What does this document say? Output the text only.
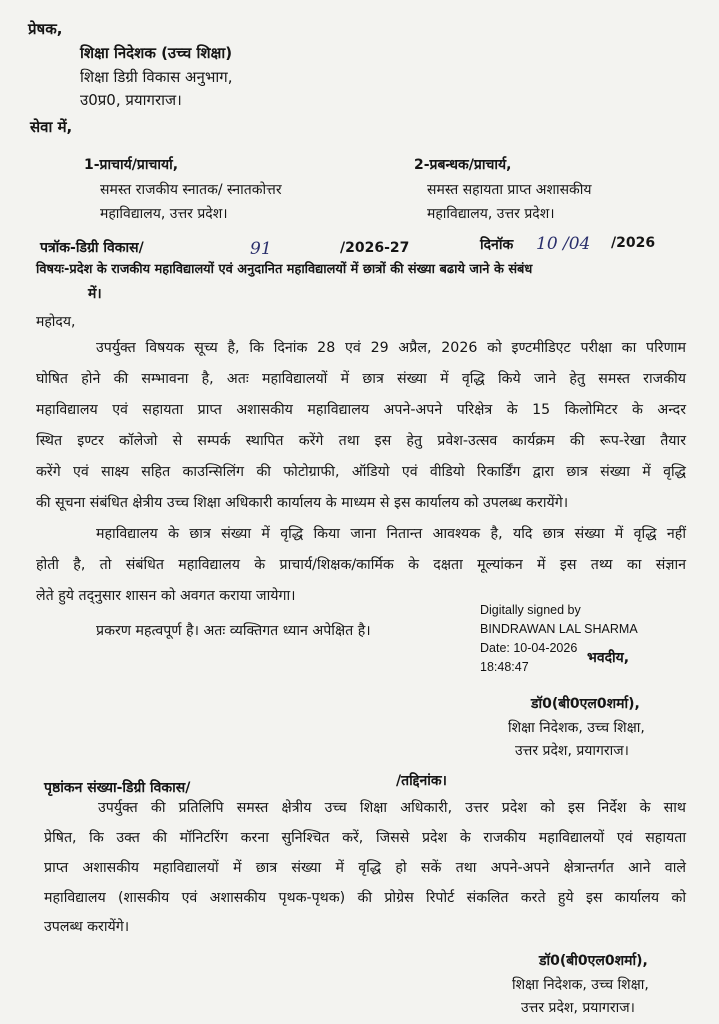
प्रेषक,
शिक्षा निदेशक (उच्च शिक्षा)
शिक्षा डिग्री विकास अनुभाग,
उ0प्र0, प्रयागराज।
सेवा में,
1-प्राचार्य/प्राचार्या,
समस्त राजकीय स्नातक/ स्नातकोत्तर
महाविद्यालय, उत्तर प्रदेश।
2-प्रबन्धक/प्राचार्य,
समस्त सहायता प्राप्त अशासकीय
महाविद्यालय, उत्तर प्रदेश।
पत्रॉक-डिग्री विकास/	91	/2026-27	दिनॉक 10 /04 /2026
विषयः-प्रदेश के राजकीय महाविद्यालयों एवं अनुदानित महाविद्यालयों में छात्रों की संख्या बढाये जाने के संबंध
में।
महोदय,
उपर्युक्त विषयक सूच्य है, कि दिनांक 28 एवं 29 अप्रैल, 2026 को इण्टमीडिएट परीक्षा का परिणाम
घोषित होने की सम्भावना है, अतः महाविद्यालयों में छात्र संख्या में वृद्धि किये जाने हेतु समस्त राजकीय
महाविद्यालय एवं सहायता प्राप्त अशासकीय महाविद्यालय अपने-अपने परिक्षेत्र के 15 किलोमिटर के अन्दर
स्थित इण्टर कॉलेजो से सम्पर्क स्थापित करेंगे तथा इस हेतु प्रवेश-उत्सव कार्यक्रम की रूप-रेखा तैयार
करेंगे एवं साक्ष्य सहित काउन्सिलिंग की फोटोग्राफी, ऑडियो एवं वीडियो रिकार्डिंग द्वारा छात्र संख्या में वृद्धि
की सूचना संबंधित क्षेत्रीय उच्च शिक्षा अधिकारी कार्यालय के माध्यम से इस कार्यालय को उपलब्ध करायेंगे।
महाविद्यालय के छात्र संख्या में वृद्धि किया जाना नितान्त आवश्यक है, यदि छात्र संख्या में वृद्धि नहीं
होती है, तो संबंधित महाविद्यालय के प्राचार्य/शिक्षक/कार्मिक के दक्षता मूल्यांकन में इस तथ्य का संज्ञान
लेते हुये तद्नुसार शासन को अवगत कराया जायेगा।
प्रकरण महत्वपूर्ण है। अतः व्यक्तिगत ध्यान अपेक्षित है।
Digitally signed by
BINDRAWAN LAL SHARMA
Date: 10-04-2026
18:48:47
भवदीय,
डॉ0(बी0एल0शर्मा),
शिक्षा निदेशक, उच्च शिक्षा,
उत्तर प्रदेश, प्रयागराज।
पृष्ठांकन संख्या-डिग्री विकास/	/तद्दिनांक।
उपर्युक्त की प्रतिलिपि समस्त क्षेत्रीय उच्च शिक्षा अधिकारी, उत्तर प्रदेश को इस निर्देश के साथ
प्रेषित, कि उक्त की मॉनिटरिंग करना सुनिश्चित करें, जिससे प्रदेश के राजकीय महाविद्यालयों एवं सहायता
प्राप्त अशासकीय महाविद्यालयों में छात्र संख्या में वृद्धि हो सकें तथा अपने-अपने क्षेत्रान्तर्गत आने वाले
महाविद्यालय (शासकीय एवं अशासकीय पृथक-पृथक) की प्रोग्रेस रिपोर्ट संकलित करते हुये इस कार्यालय को
उपलब्ध करायेंगे।
डॉ0(बी0एल0शर्मा),
शिक्षा निदेशक, उच्च शिक्षा,
उत्तर प्रदेश, प्रयागराज।
